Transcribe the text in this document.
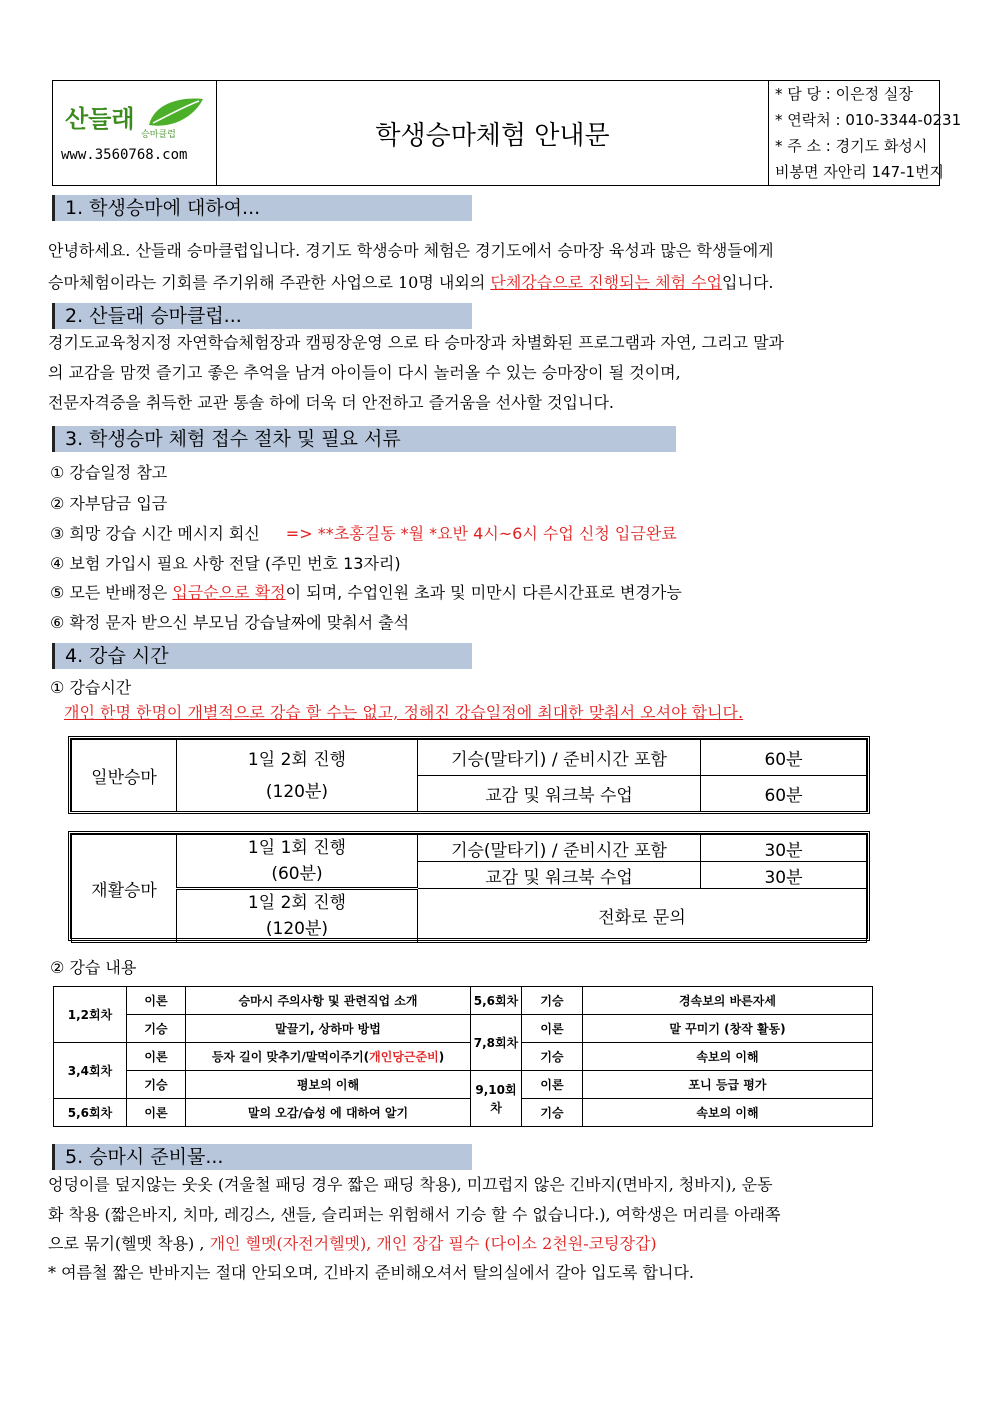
산들래
승마클럽
www.3560768.com
학생승마체험 안내문
* 담 당 : 이은정 실장
* 연락처 : 010-3344-0231
* 주 소 : 경기도 화성시
비봉면 자안리 147-1번지
1. 학생승마에 대하여...
안녕하세요. 산들래 승마클럽입니다. 경기도 학생승마 체험은 경기도에서 승마장 육성과 많은 학생들에게
승마체험이라는 기회를 주기위해 주관한 사업으로 10명 내외의 단체강습으로 진행되는 체험 수업입니다.
2. 산들래 승마클럽...
경기도교육청지정 자연학습체험장과 캠핑장운영 으로 타 승마장과 차별화된 프로그램과 자연, 그리고 말과
의 교감을 맘껏 즐기고 좋은 추억을 남겨 아이들이 다시 놀러올 수 있는 승마장이 될 것이며,
전문자격증을 취득한 교관 통솔 하에 더욱 더 안전하고 즐거움을 선사할 것입니다.
3. 학생승마 체험 접수 절차 및 필요 서류
① 강습일정 참고
② 자부담금 입금
③ 희망 강습 시간 메시지 회신 => **초홍길동 *월 *요반 4시~6시 수업 신청 입금완료
④ 보험 가입시 필요 사항 전달 (주민 번호 13자리)
⑤ 모든 반배정은 입금순으로 확정이 되며, 수업인원 초과 및 미만시 다른시간표로 변경가능
⑥ 확정 문자 받으신 부모님 강습날짜에 맞춰서 출석
4. 강습 시간
① 강습시간
개인 한명 한명이 개별적으로 강습 할 수는 없고, 정해진 강습일정에 최대한 맞춰서 오셔야 합니다.
일반승마	1일 2회 진행
(120분)	기승(말타기) / 준비시간 포함	60분
		교감 및 워크북 수업	60분
재활승마	1일 1회 진행
(60분)	기승(말타기) / 준비시간 포함	30분
		교감 및 워크북 수업	30분

	1일 2회 진행
(120분)	전화로 문의	
② 강습 내용
1,2회차	이론	승마시 주의사항 및 관련직업 소개	5,6회차	기승	경속보의 바른자세
	기승	말끌기, 상하마 방법	7,8회차	이론	말 꾸미기 (창작 활동)
3,4회차	이론	등자 길이 맞추기/말먹이주기(개인당근준비)		기승	속보의 이해
	기승	평보의 이해	9,10회차	이론	포니 등급 평가
5,6회차	이론	말의 오감/습성 에 대하여 알기		기승	속보의 이해
5. 승마시 준비물...
엉덩이를 덮지않는 웃옷 (겨울철 패딩 경우 짧은 패딩 착용), 미끄럽지 않은 긴바지(면바지, 청바지), 운동
화 착용 (짧은바지, 치마, 레깅스, 샌들, 슬리퍼는 위험해서 기승 할 수 없습니다.), 여학생은 머리를 아래쪽
으로 묶기(헬멧 착용) , 개인 헬멧(자전거헬멧), 개인 장갑 필수 (다이소 2천원-코팅장갑)
* 여름철 짧은 반바지는 절대 안되오며, 긴바지 준비해오셔서 탈의실에서 갈아 입도록 합니다.
